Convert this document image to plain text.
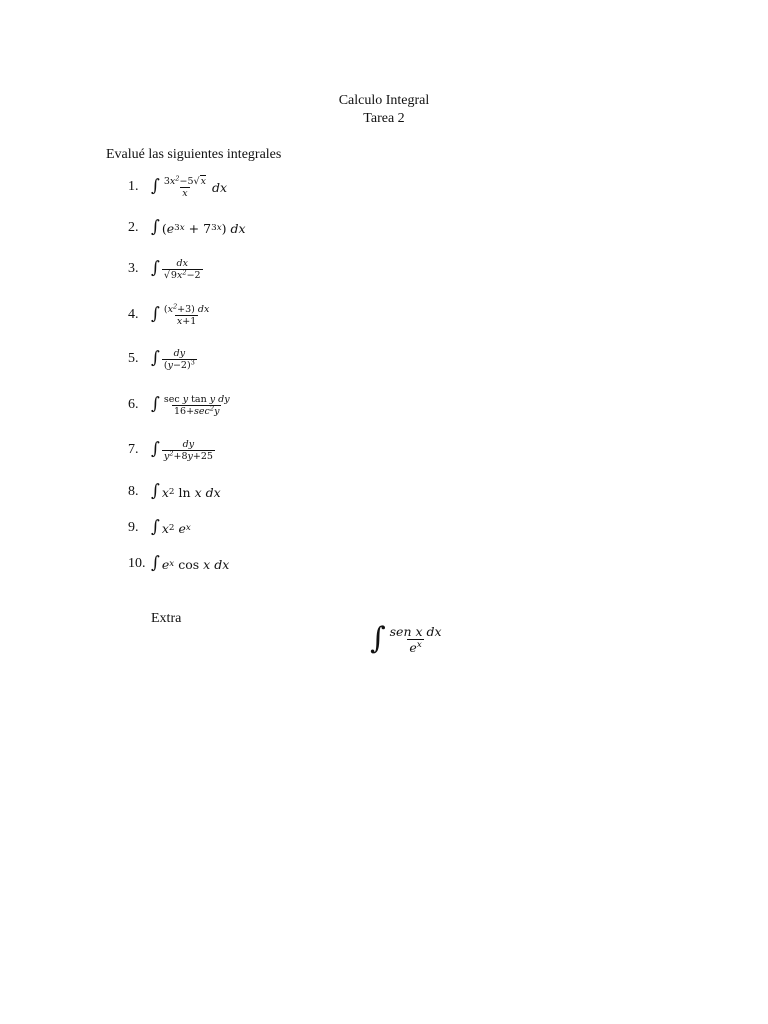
Calculo Integral
Tarea 2
Evalué las siguientes integrales
1. ∫ $\frac{3x^2-5√x}{x}$ dx
2. ∫ ( e 3x + 7 3x ) dx
3. ∫ $\frac{dx}{√9x^2-2}$
4. ∫ $\frac{(x^2+3) dx}{x+1}$
5. ∫ $\frac{dy}{(y-2)^3}$
6. ∫ $\frac{\text{sec y tan y dy}}{16+\sec^2y}$
7. ∫ $\frac{dy}{y^2+8y+25}$
8. ∫ x 2 ln x dx
9. ∫ x 2 e x
10. ∫ e x cos x dx
Extra
∫ $\frac{\text{sen x dx}}{e^x}$
